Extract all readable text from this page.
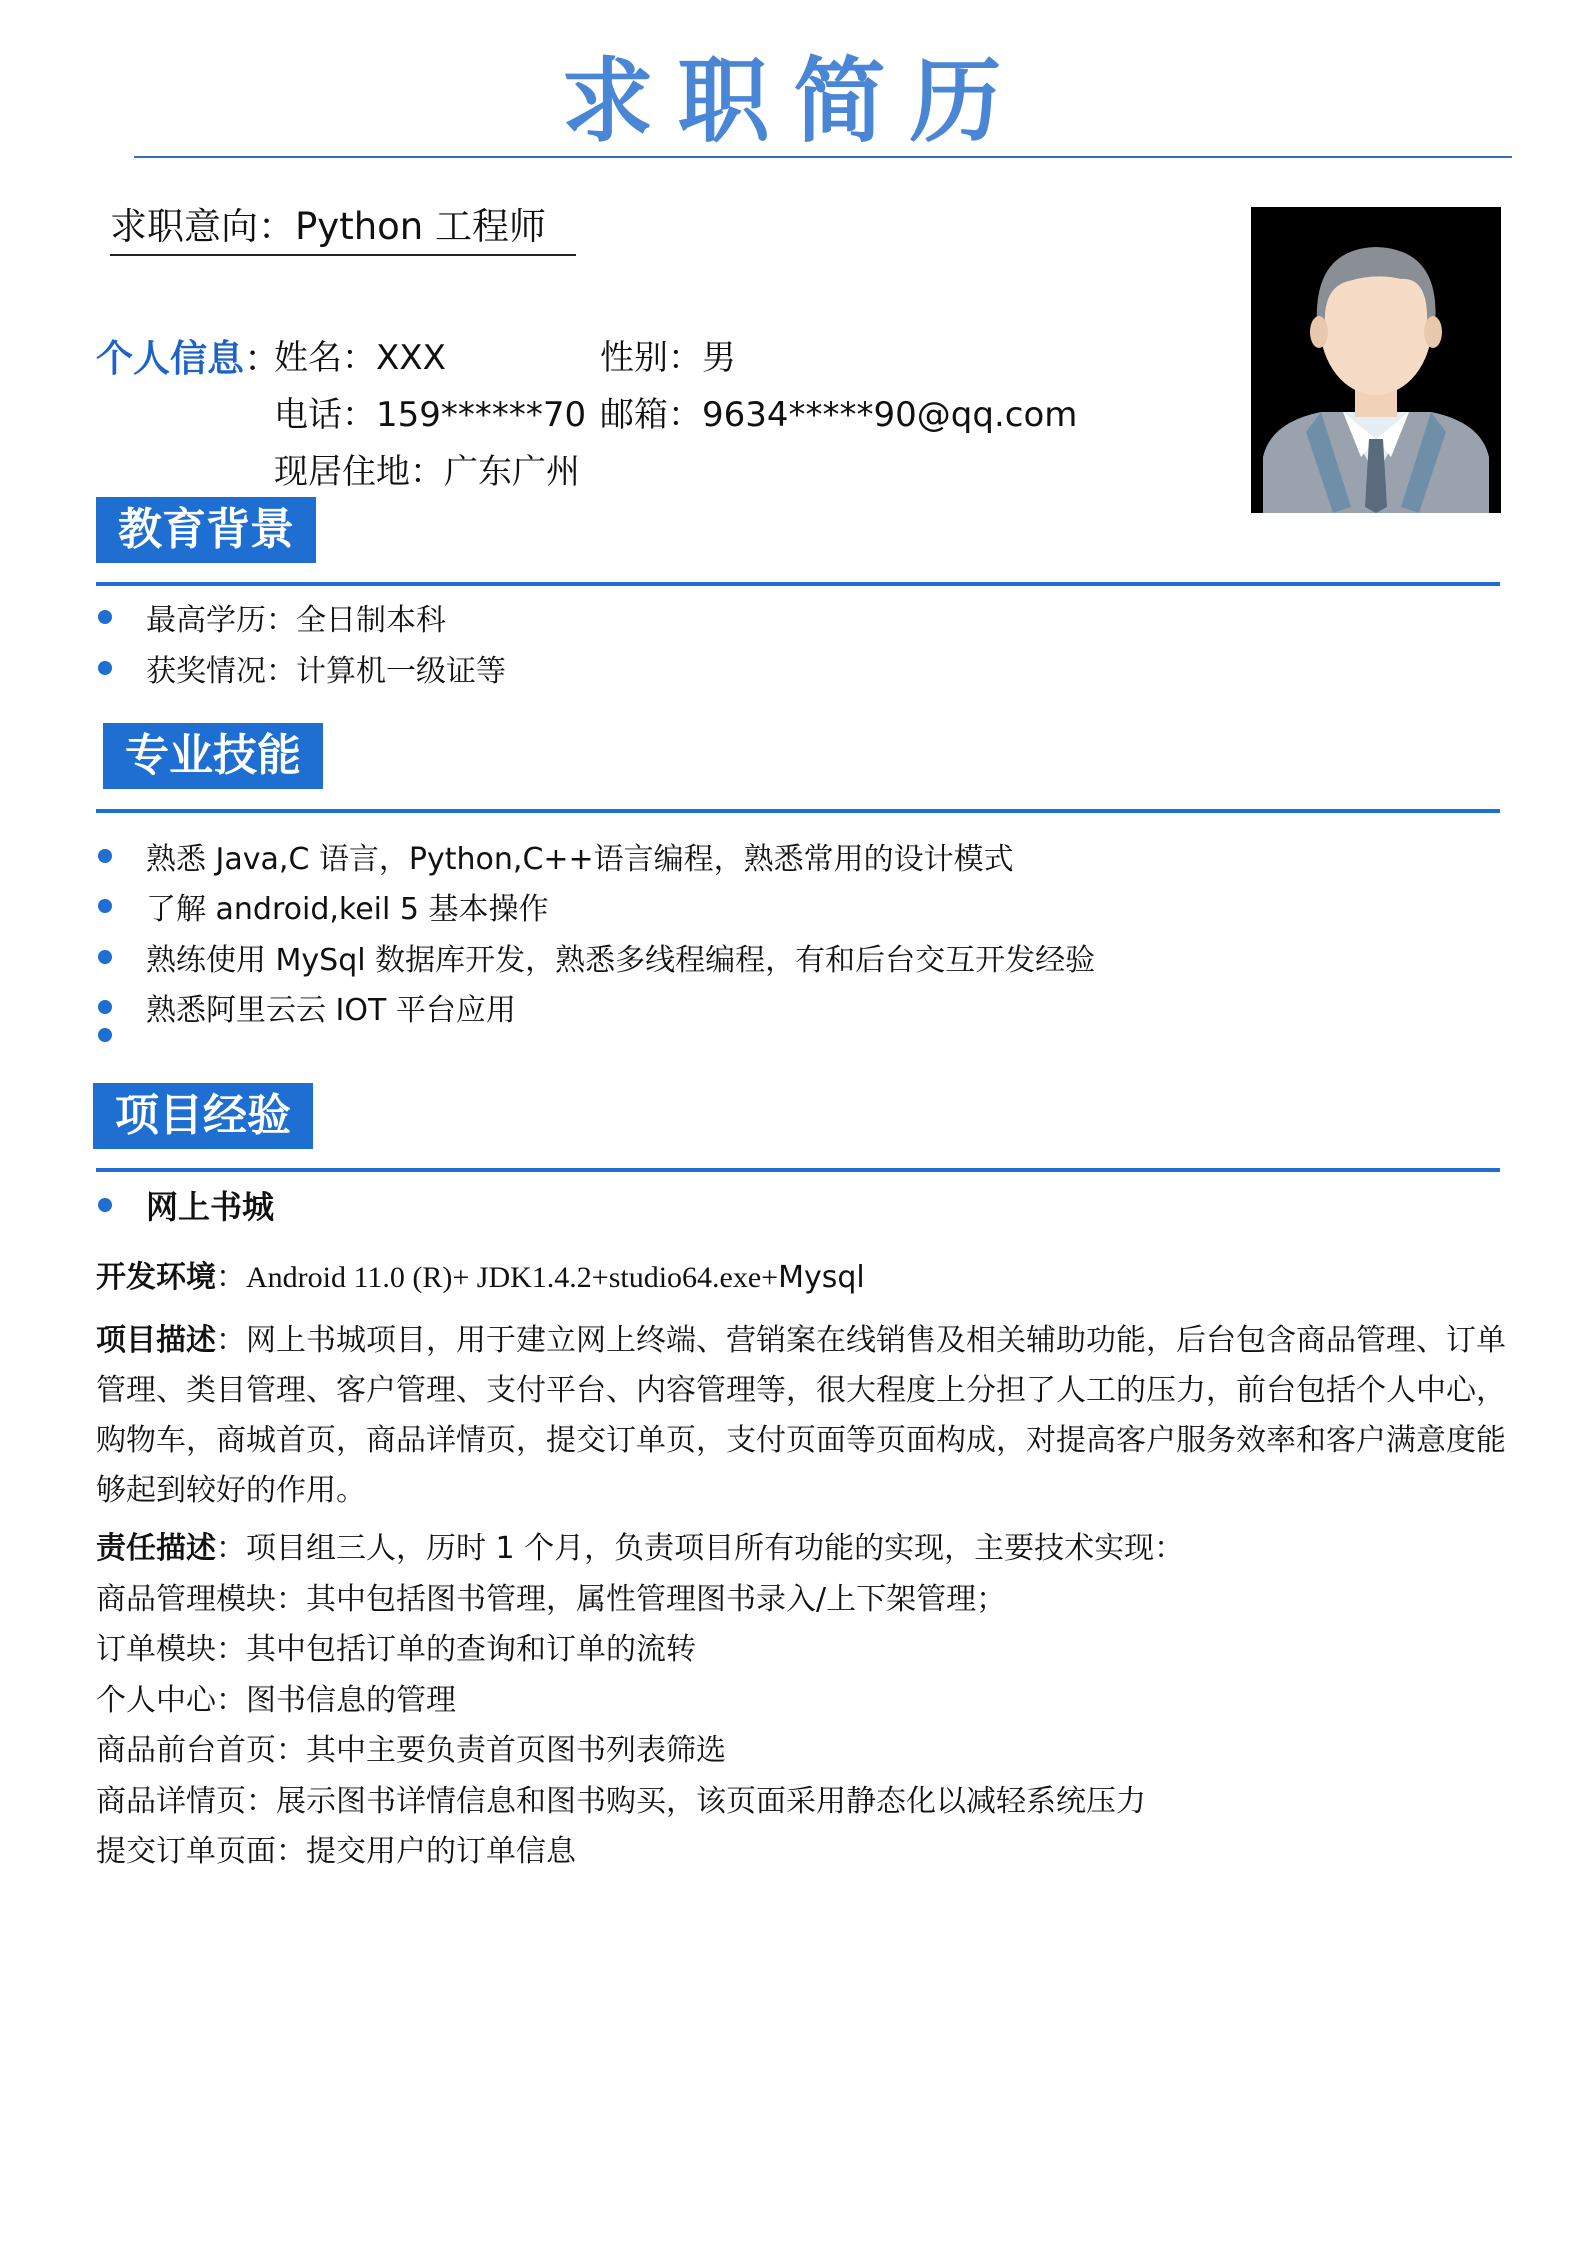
求职简历
求职意向：Python 工程师
个人信息：
姓名：XXX	性别：男
电话：159******70 邮箱：9634*****90@qq.com
现居住地：广东广州
教育背景
最高学历：全日制本科
获奖情况：计算机一级证等
专业技能
熟悉 Java,C 语言，Python,C++语言编程，熟悉常用的设计模式
了解 android,keil 5 基本操作
熟练使用 MySql 数据库开发，熟悉多线程编程，有和后台交互开发经验
熟悉阿里云云 IOT 平台应用
项目经验
网上书城
开发环境：Android 11.0 (R)+ JDK1.4.2+studio64.exe+Mysql
项目描述：网上书城项目，用于建立网上终端、营销案在线销售及相关辅助功能，后台包含商品管理、订单管理、类目管理、客户管理、支付平台、内容管理等，很大程度上分担了人工的压力，前台包括个人中心，购物车，商城首页，商品详情页，提交订单页，支付页面等页面构成，对提高客户服务效率和客户满意度能够起到较好的作用。
责任描述：项目组三人，历时 1 个月，负责项目所有功能的实现，主要技术实现：
商品管理模块：其中包括图书管理，属性管理图书录入/上下架管理；
订单模块：其中包括订单的查询和订单的流转
个人中心：图书信息的管理
商品前台首页：其中主要负责首页图书列表筛选
商品详情页：展示图书详情信息和图书购买，该页面采用静态化以减轻系统压力
提交订单页面：提交用户的订单信息
